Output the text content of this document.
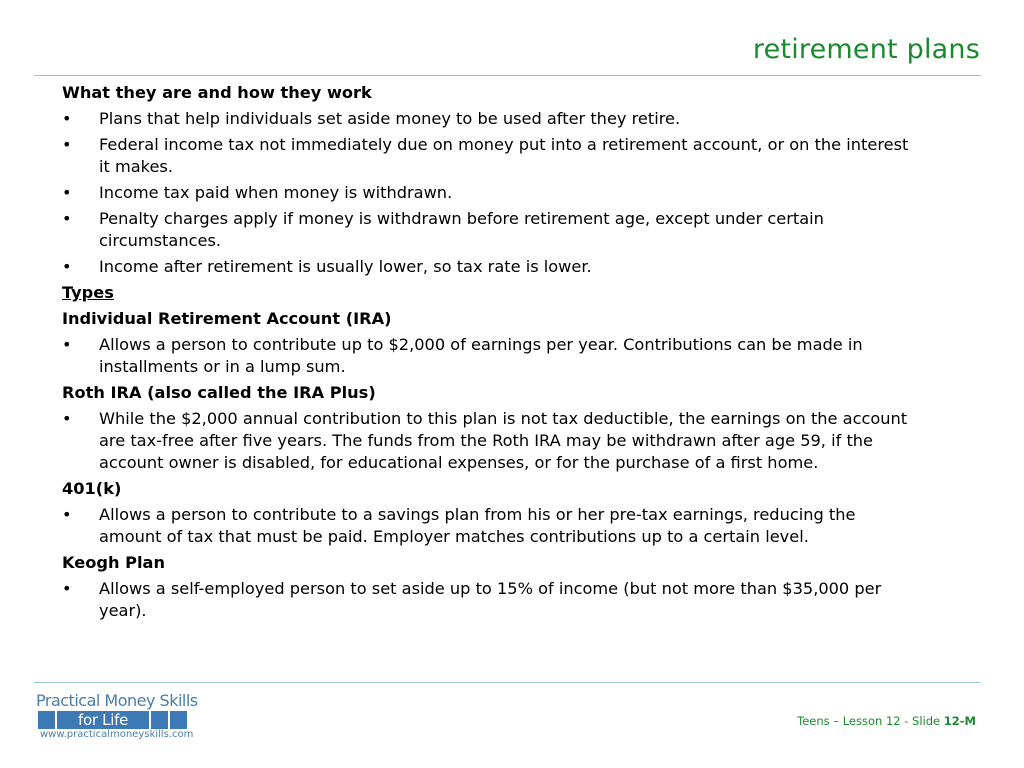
retirement plans
What they are and how they work
•	Plans that help individuals set aside money to be used after they retire.
•	Federal income tax not immediately due on money put into a retirement account, or on the interest it makes.
•	Income tax paid when money is withdrawn.
•	Penalty charges apply if money is withdrawn before retirement age, except under certain circumstances.
•	Income after retirement is usually lower, so tax rate is lower.
Types
Individual Retirement Account (IRA)
•	Allows a person to contribute up to $2,000 of earnings per year. Contributions can be made in installments or in a lump sum.
Roth IRA (also called the IRA Plus)
•	While the $2,000 annual contribution to this plan is not tax deductible, the earnings on the account are tax-free after five years. The funds from the Roth IRA may be withdrawn after age 59, if the account owner is disabled, for educational expenses, or for the purchase of a first home.
401(k)
•	Allows a person to contribute to a savings plan from his or her pre-tax earnings, reducing the amount of tax that must be paid. Employer matches contributions up to a certain level.
Keogh Plan
•	Allows a self-employed person to set aside up to 15% of income (but not more than $35,000 per year).
Practical Money Skills
for Life
www.practicalmoneyskills.com
Teens – Lesson 12 - Slide 12-M
